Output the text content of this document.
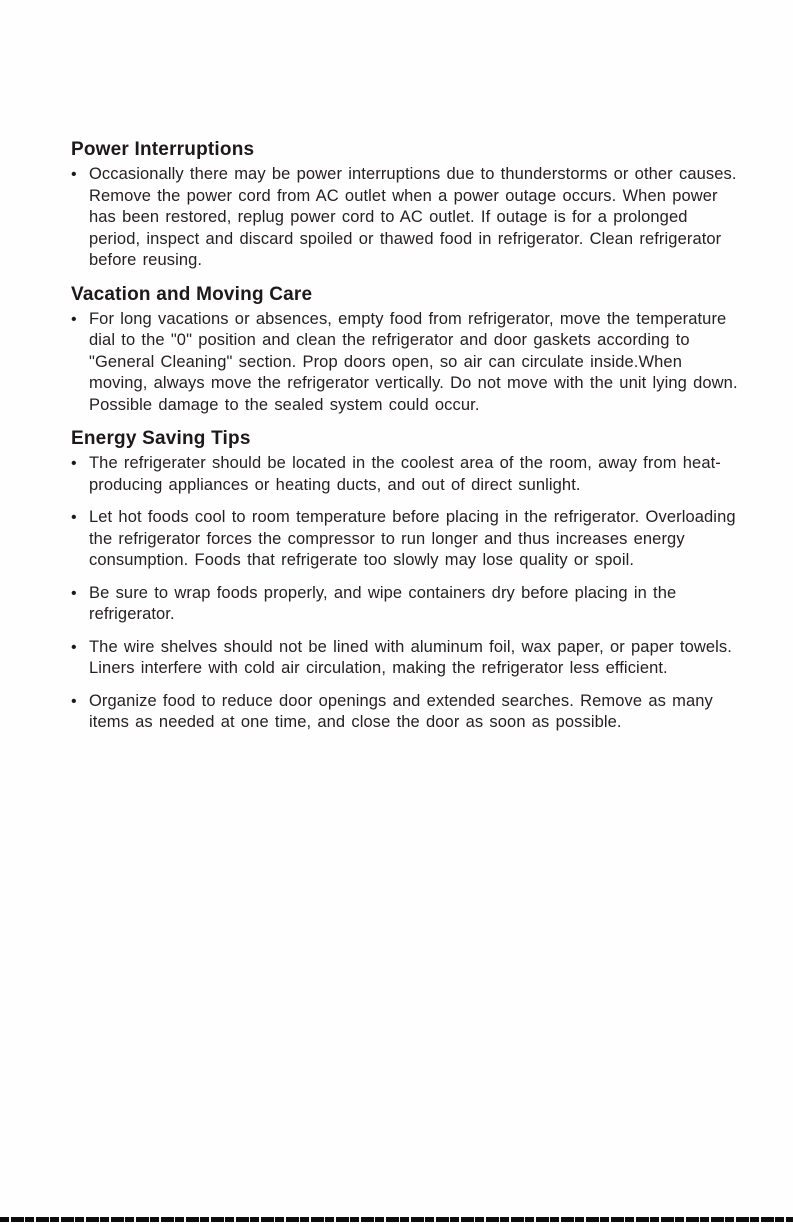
Power Interruptions
• Occasionally there may be power interruptions due to thunderstorms or other causes. Remove the power cord from AC outlet when a power outage occurs. When power has been restored, replug power cord to AC outlet. If outage is for a prolonged period, inspect and discard spoiled or thawed food in refrigerator. Clean refrigerator before reusing.

Vacation and Moving Care
• For long vacations or absences, empty food from refrigerator, move the temperature dial to the "0" position and clean the refrigerator and door gaskets according to "General Cleaning" section. Prop doors open, so air can circulate inside.When moving, always move the refrigerator vertically. Do not move with the unit lying down. Possible damage to the sealed system could occur.

Energy Saving Tips
• The refrigerater should be located in the coolest area of the room, away from heat-producing appliances or heating ducts, and out of direct sunlight.

• Let hot foods cool to room temperature before placing in the refrigerator. Overloading the refrigerator forces the compressor to run longer and thus increases energy consumption. Foods that refrigerate too slowly may lose quality or spoil.

• Be sure to wrap foods properly, and wipe containers dry before placing in the refrigerator.

• The wire shelves should not be lined with aluminum foil, wax paper, or paper towels. Liners interfere with cold air circulation, making the refrigerator less efficient.

• Organize food to reduce door openings and extended searches. Remove as many items as needed at one time, and close the door as soon as possible.
